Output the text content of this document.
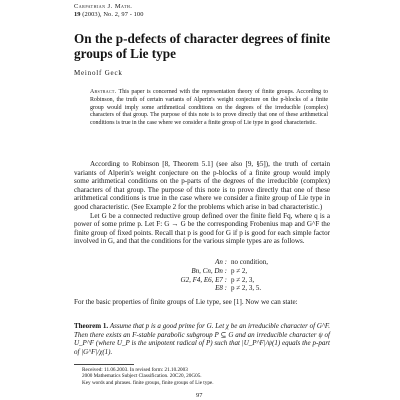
Carpathian J. Math.
19 (2003), No. 2, 97 - 100
On the p-defects of character degrees of finite groups of Lie type
Meinolf Geck
Abstract. This paper is concerned with the representation theory of finite groups. According to Robinson, the truth of certain variants of Alperin's weight conjecture on the p-blocks of a finite group would imply some arithmetical conditions on the degrees of the irreducible (complex) characters of that group. The purpose of this note is to prove directly that one of these arithmetical conditions is true in the case where we consider a finite group of Lie type in good characteristic.

According to Robinson [8, Theorem 5.1] (see also [9, §5]), the truth of certain variants of Alperin's weight conjecture on the p-blocks of a finite group would imply some arithmetical conditions on the p-parts of the degrees of the irreducible (complex) characters of that group. The purpose of this note is to prove directly that one of these arithmetical conditions is true in the case where we consider a finite group of Lie type in good characteristic. (See Example 2 for the problems which arise in bad characteristic.)

Let G be a connected reductive group defined over the finite field Fq, where q is a power of some prime p. Let F: G → G be the corresponding Frobenius map and G^F the finite group of fixed points. Recall that p is good for G if p is good for each simple factor involved in G, and that the conditions for the various simple types are as follows.

An : no condition,
Bn, Cn, Dn : p ≠ 2,
G2, F4, E6, E7 : p ≠ 2, 3,
E8 : p ≠ 2, 3, 5.

For the basic properties of finite groups of Lie type, see [1]. Now we can state:

Theorem 1. Assume that p is a good prime for G. Let χ be an irreducible character of G^F. Then there exists an F-stable parabolic subgroup P ⊆ G and an irreducible character ψ of U_P^F (where U_P is the unipotent radical of P) such that |U_P^F|/ψ(1) equals the p-part of |G^F|/χ(1).
Received: 11.06.2003. In revised form: 21.10.2003
2000 Mathematics Subject Classification. 20C20, 20G05.
Key words and phrases. finite groups, finite groups of Lie type.
97
